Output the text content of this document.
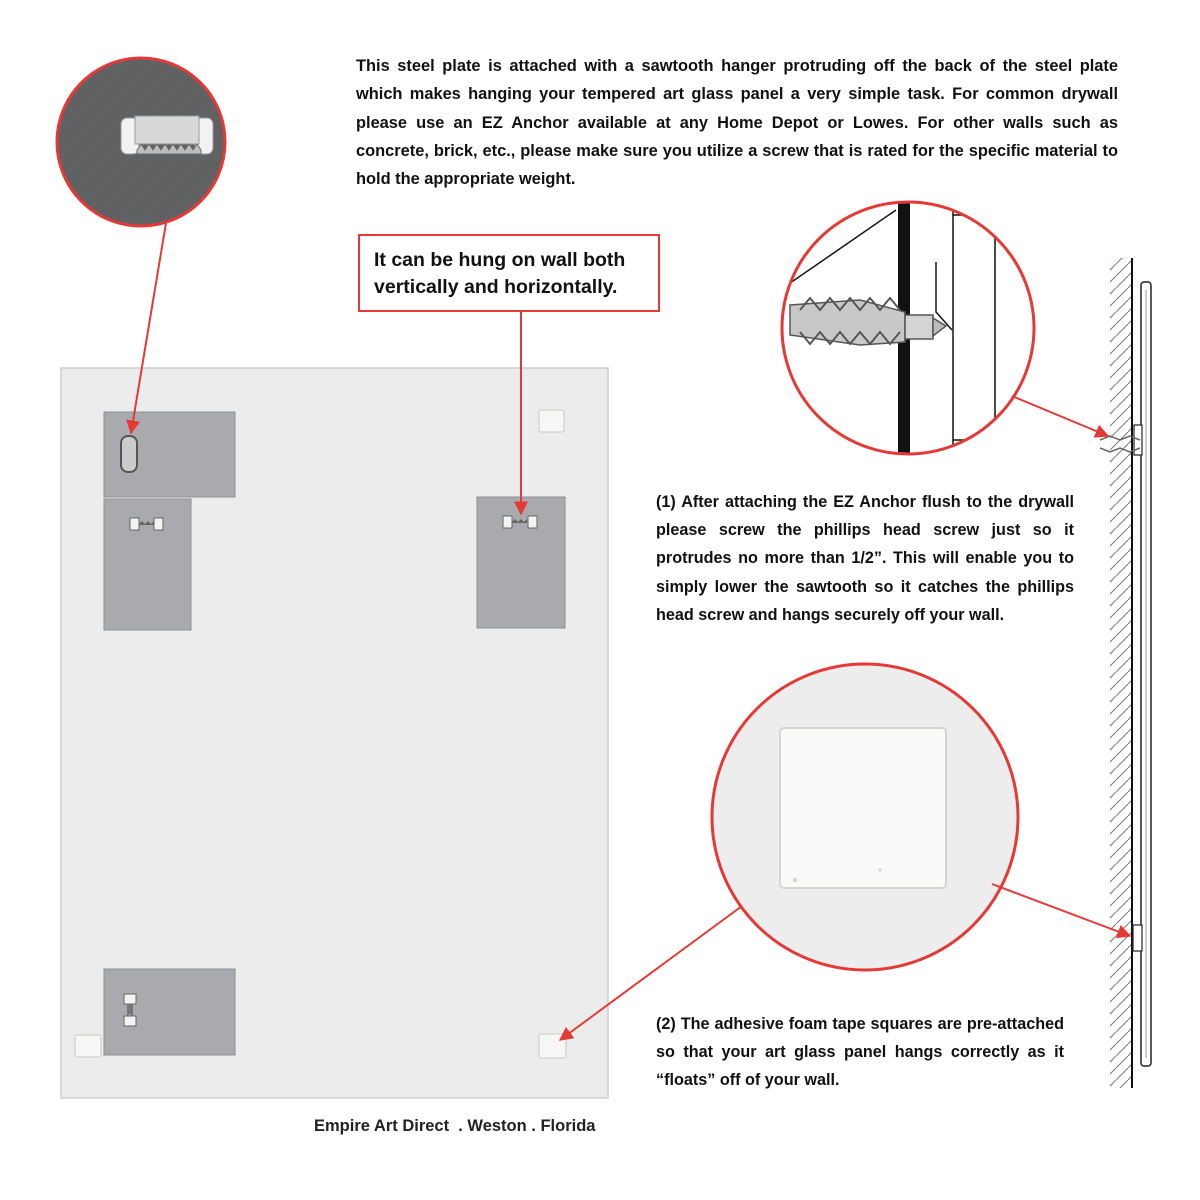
This steel plate is attached with a sawtooth hanger protruding off the back of the steel plate which makes hanging your tempered art glass panel a very simple task. For common drywall please use an EZ Anchor available at any Home Depot or Lowes. For other walls such as concrete, brick, etc., please make sure you utilize a screw that is rated for the specific material to hold the appropriate weight.
It can be hung on wall both vertically and horizontally.
(1) After attaching the EZ Anchor flush to the drywall please screw the phillips head screw just so it protrudes no more than 1/2”. This will enable you to simply lower the sawtooth so it catches the phillips head screw and hangs securely off your wall.
(2) The adhesive foam tape squares are pre-attached so that your art glass panel hangs correctly as it “floats” off of your wall.
Empire Art Direct  . Weston . Florida
